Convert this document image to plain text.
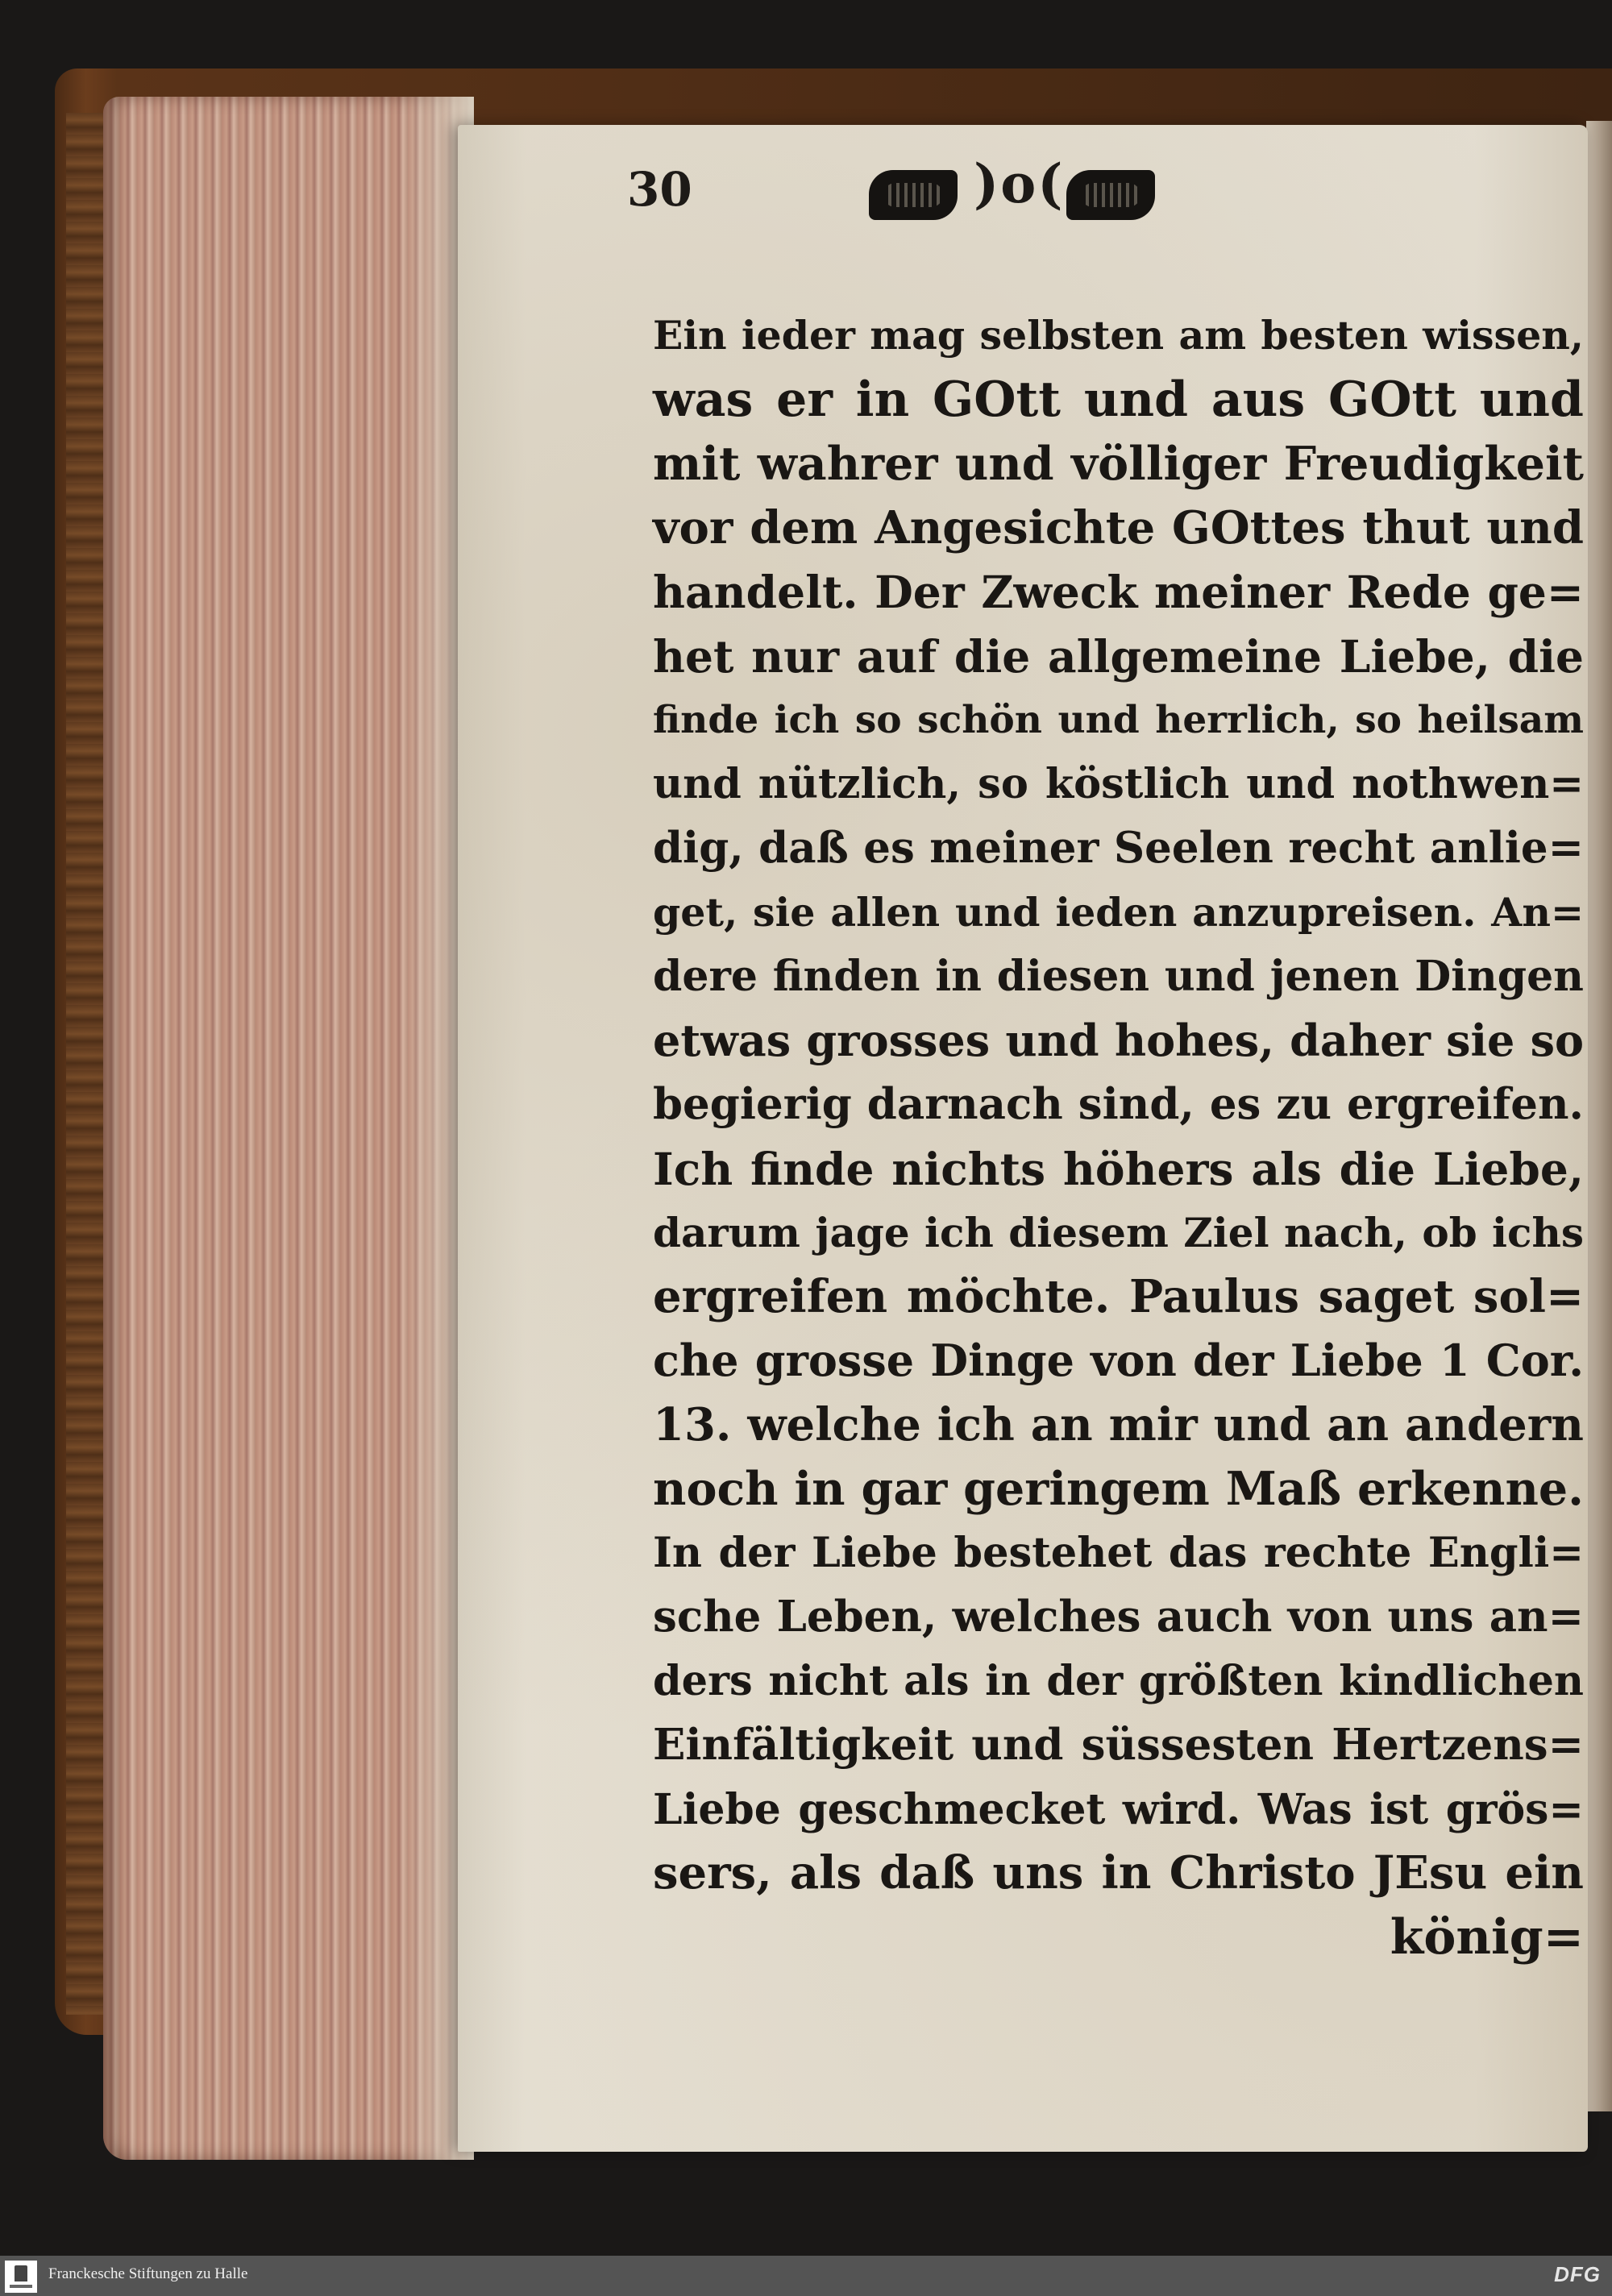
30	)o(

Ein ieder mag selbsten am besten wissen,

was er in GOtt und aus GOtt und

mit wahrer und völliger Freudigkeit

vor dem Angesichte GOttes thut und

handelt. Der Zweck meiner Rede ge=

het nur auf die allgemeine Liebe, die

finde ich so schön und herrlich, so heilsam

und nützlich, so köstlich und nothwen=

dig, daß es meiner Seelen recht anlie=

get, sie allen und ieden anzupreisen. An=

dere finden in diesen und jenen Dingen

etwas grosses und hohes, daher sie so

begierig darnach sind, es zu ergreifen.

Ich finde nichts höhers als die Liebe,

darum jage ich diesem Ziel nach, ob ichs

ergreifen möchte. Paulus saget sol=

che grosse Dinge von der Liebe 1 Cor.

13. welche ich an mir und an andern

noch in gar geringem Maß erkenne.

In der Liebe bestehet das rechte Engli=

sche Leben, welches auch von uns an=

ders nicht als in der größten kindlichen

Einfältigkeit und süssesten Hertzens=

Liebe geschmecket wird. Was ist grös=

sers, als daß uns in Christo JEsu ein

könig=

Franckesche Stiftungen zu Halle	DFG
